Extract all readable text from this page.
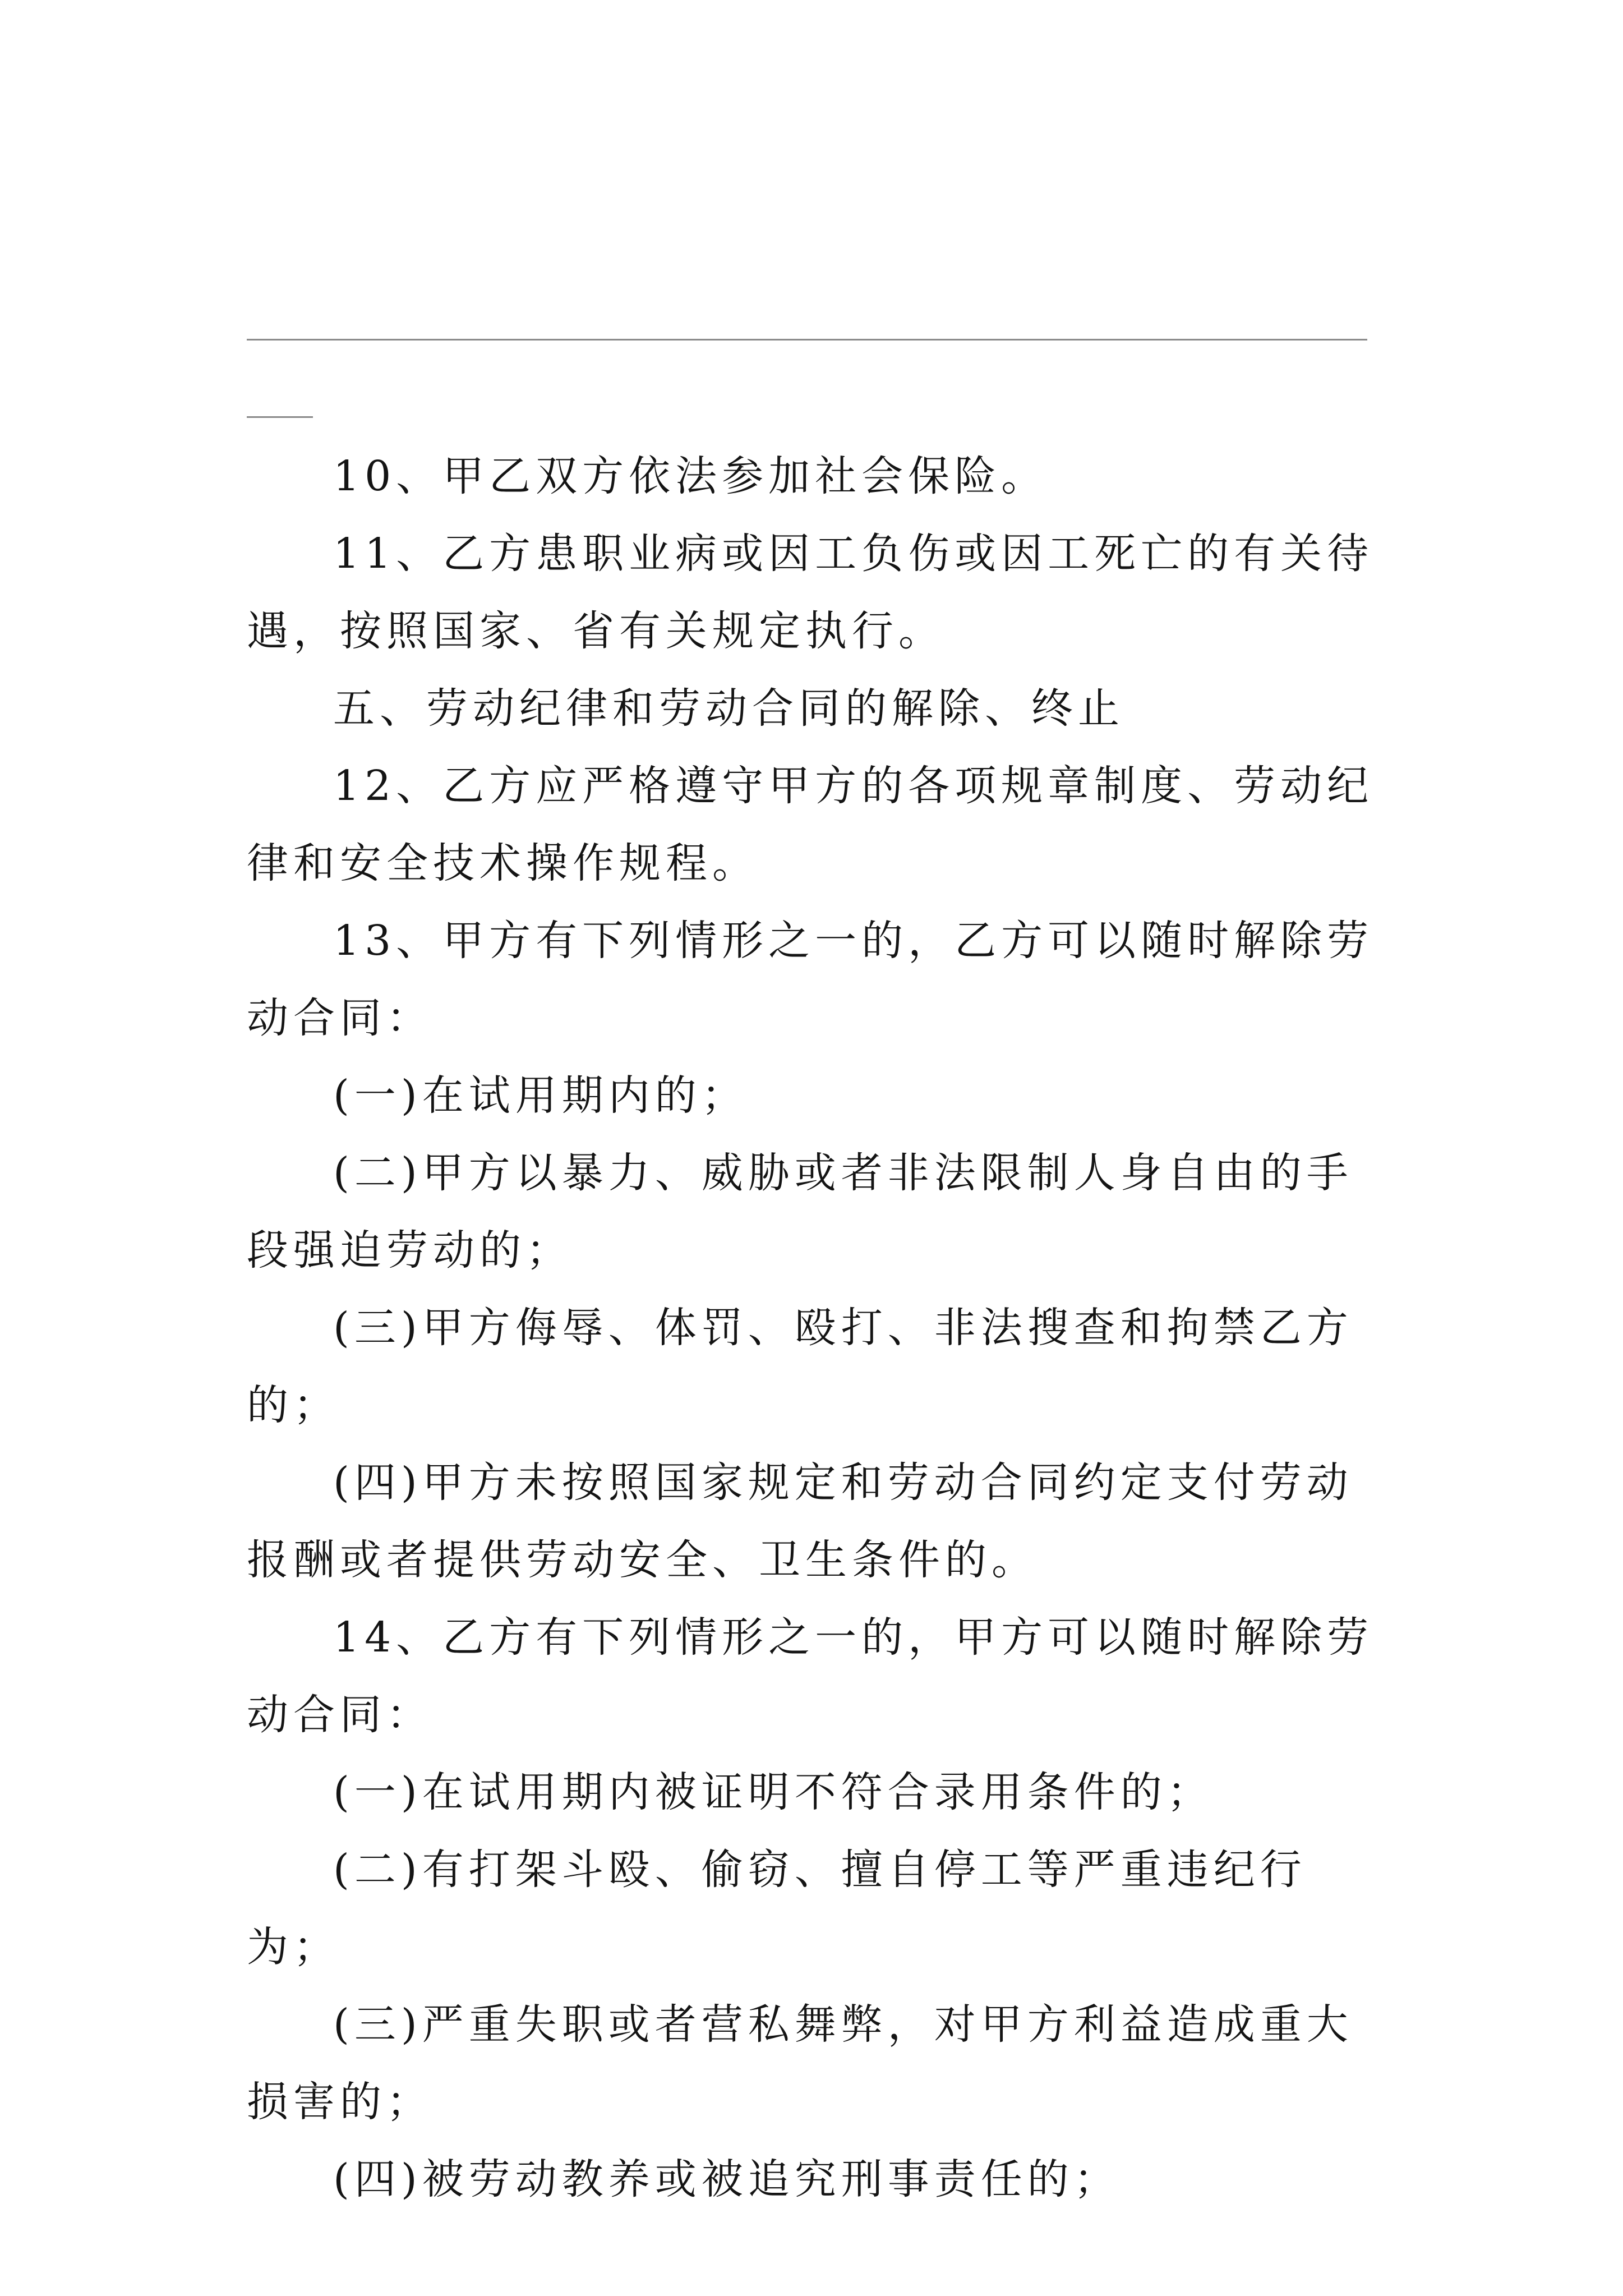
10、甲乙双方依法参加社会保险。

11、乙方患职业病或因工负伤或因工死亡的有关待遇，按照国家、省有关规定执行。

五、劳动纪律和劳动合同的解除、终止

12、乙方应严格遵守甲方的各项规章制度、劳动纪律和安全技术操作规程。

13、甲方有下列情形之一的，乙方可以随时解除劳动合同：

(一)在试用期内的；

(二)甲方以暴力、威胁或者非法限制人身自由的手段强迫劳动的；

(三)甲方侮辱、体罚、殴打、非法搜查和拘禁乙方的；

(四)甲方未按照国家规定和劳动合同约定支付劳动报酬或者提供劳动安全、卫生条件的。

14、乙方有下列情形之一的，甲方可以随时解除劳动合同：

(一)在试用期内被证明不符合录用条件的；

(二)有打架斗殴、偷窃、擅自停工等严重违纪行为；

(三)严重失职或者营私舞弊，对甲方利益造成重大损害的；

(四)被劳动教养或被追究刑事责任的；
